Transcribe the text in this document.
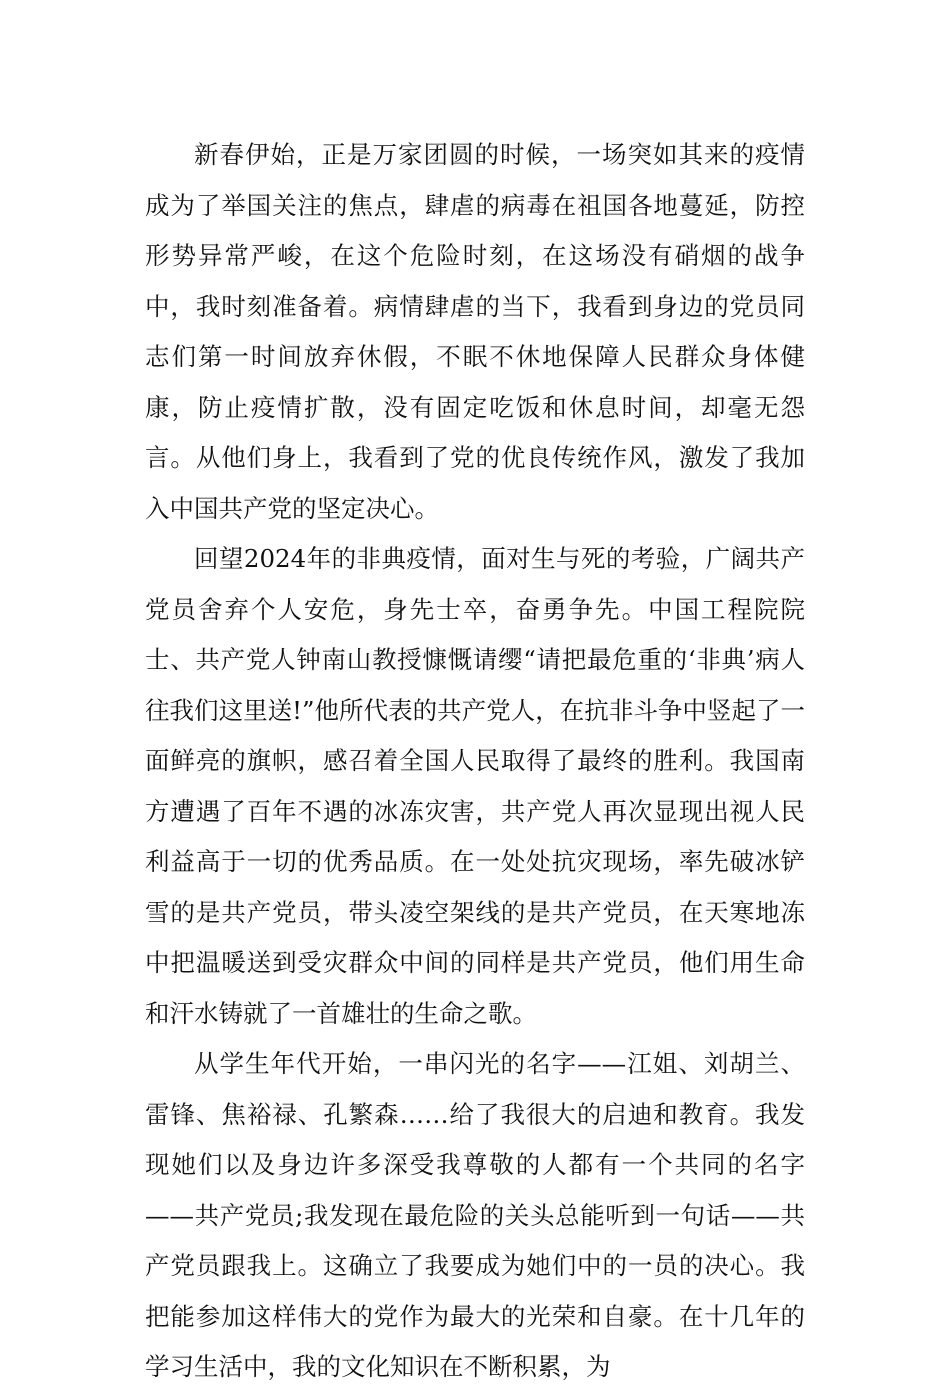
新春伊始，正是万家团圆的时候，一场突如其来的疫情成为了举国关注的焦点，肆虐的病毒在祖国各地蔓延，防控形势异常严峻，在这个危险时刻，在这场没有硝烟的战争中，我时刻准备着。病情肆虐的当下，我看到身边的党员同志们第一时间放弃休假，不眠不休地保障人民群众身体健康，防止疫情扩散，没有固定吃饭和休息时间，却毫无怨言。从他们身上，我看到了党的优良传统作风，激发了我加入中国共产党的坚定决心。

回望2024年的非典疫情，面对生与死的考验，广阔共产党员舍弃个人安危，身先士卒，奋勇争先。中国工程院院士、共产党人钟南山教授慷慨请缨“请把最危重的‘非典’病人往我们这里送!”他所代表的共产党人，在抗非斗争中竖起了一面鲜亮的旗帜，感召着全国人民取得了最终的胜利。我国南方遭遇了百年不遇的冰冻灾害，共产党人再次显现出视人民利益高于一切的优秀品质。在一处处抗灾现场，率先破冰铲雪的是共产党员，带头凌空架线的是共产党员，在天寒地冻中把温暖送到受灾群众中间的同样是共产党员，他们用生命和汗水铸就了一首雄壮的生命之歌。

从学生年代开始，一串闪光的名字——江姐、刘胡兰、雷锋、焦裕禄、孔繁森……给了我很大的启迪和教育。我发现她们以及身边许多深受我尊敬的人都有一个共同的名字——共产党员;我发现在最危险的关头总能听到一句话——共产党员跟我上。这确立了我要成为她们中的一员的决心。我把能参加这样伟大的党作为最大的光荣和自豪。在十几年的学习生活中，我的文化知识在不断积累，为
